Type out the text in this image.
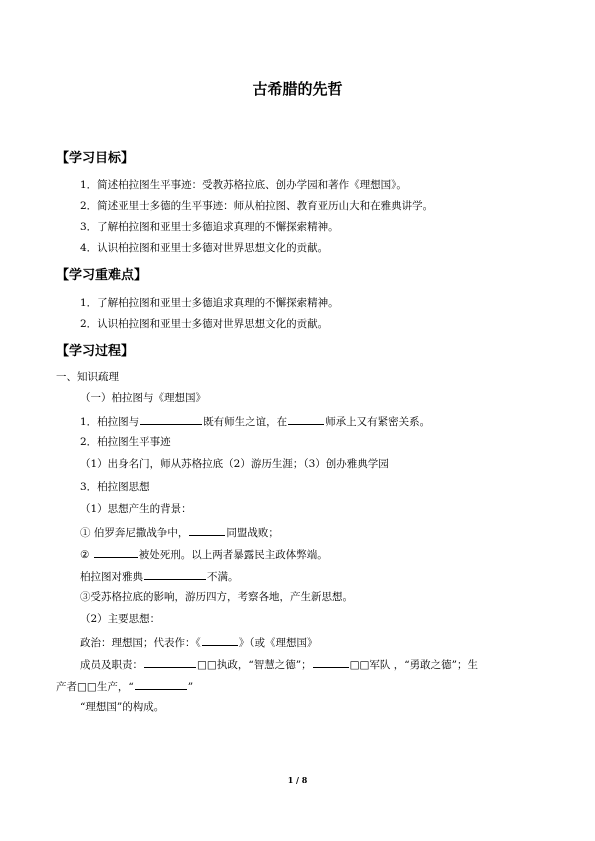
古希腊的先哲
【学习目标】
1．简述柏拉图生平事迹：受教苏格拉底、创办学园和著作《理想国》。
2．简述亚里士多德的生平事迹：师从柏拉图、教育亚历山大和在雅典讲学。
3．了解柏拉图和亚里士多德追求真理的不懈探索精神。
4．认识柏拉图和亚里士多德对世界思想文化的贡献。
【学习重难点】
1．了解柏拉图和亚里士多德追求真理的不懈探索精神。
2．认识柏拉图和亚里士多德对世界思想文化的贡献。
【学习过程】
一、知识疏理
（一）柏拉图与《理想国》
1．柏拉图与	既有师生之谊，在	师承上又有紧密关系。
2．柏拉图生平事迹
（1）出身名门，师从苏格拉底（2）游历生涯；（3）创办雅典学园
3．柏拉图思想
（1）思想产生的背景：
① 伯罗奔尼撒战争中，	同盟战败；
②	被处死刑。以上两者暴露民主政体弊端。
柏拉图对雅典	不满。
③受苏格拉底的影响，游历四方，考察各地，产生新思想。
（2）主要思想：
政治：理想国；代表作：《	》（或《理想国》
成员及职责：	□□执政，“智慧之德”；	□□军队 ，“勇敢之德”；生
产者□□生产，“	”
“理想国”的构成。
1 / 8
